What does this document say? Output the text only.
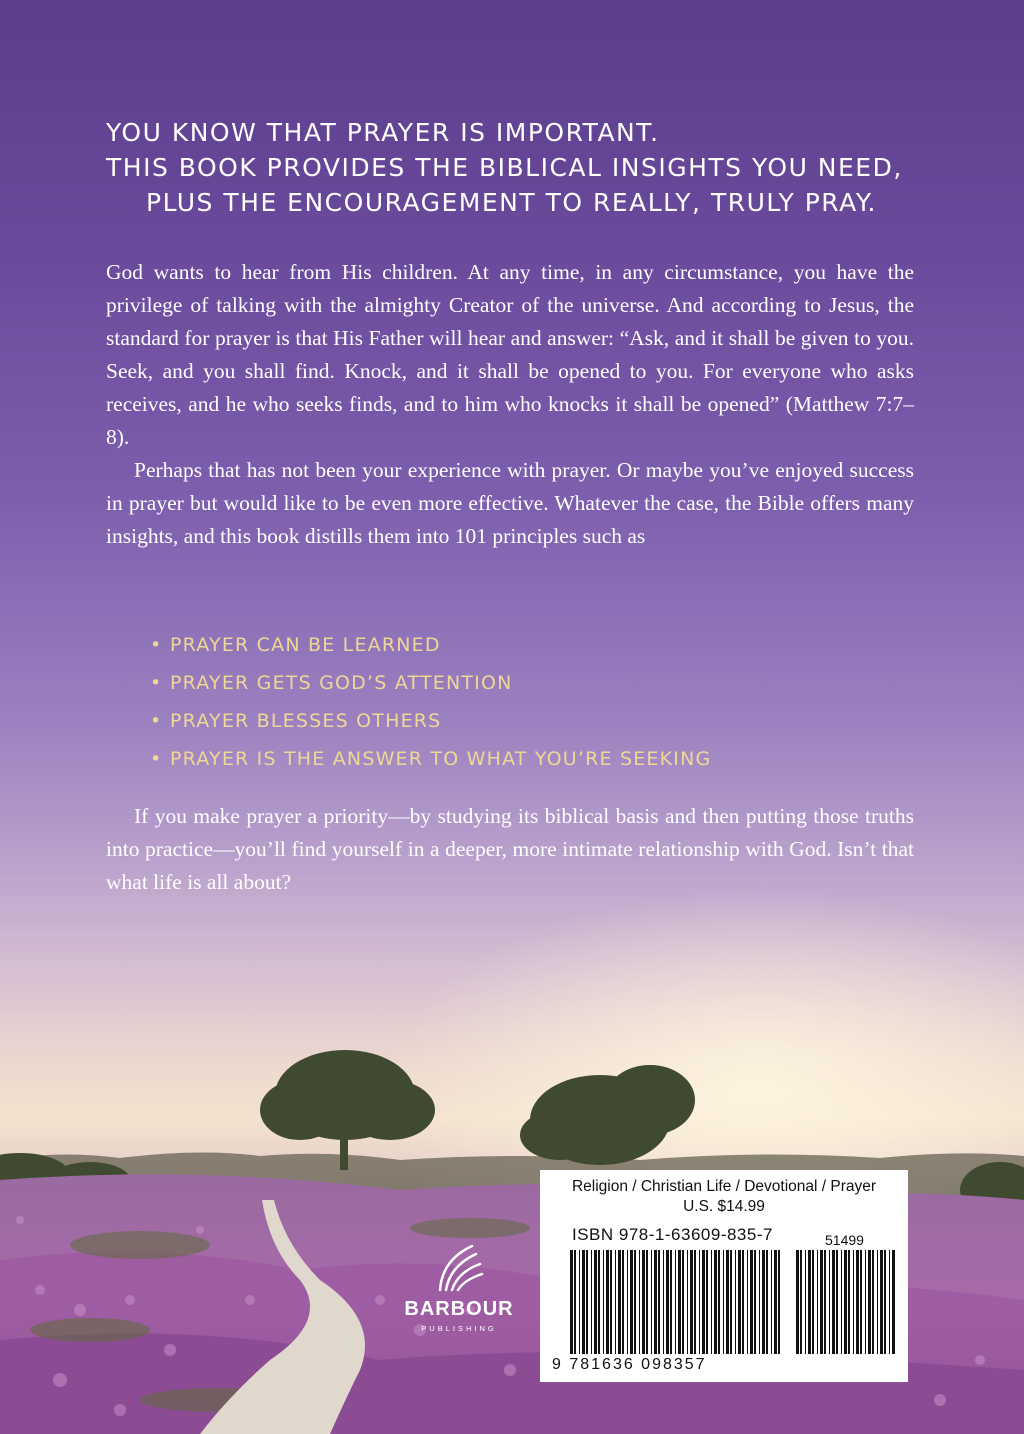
YOU KNOW THAT PRAYER IS IMPORTANT.
THIS BOOK PROVIDES THE BIBLICAL INSIGHTS YOU NEED,
PLUS THE ENCOURAGEMENT TO REALLY, TRULY PRAY.

God wants to hear from His children. At any time, in any circumstance, you have the privilege of talking with the almighty Creator of the universe. And according to Jesus, the standard for prayer is that His Father will hear and answer: “Ask, and it shall be given to you. Seek, and you shall find. Knock, and it shall be opened to you. For everyone who asks receives, and he who seeks finds, and to him who knocks it shall be opened” (Matthew 7:7–8).

Perhaps that has not been your experience with prayer. Or maybe you’ve enjoyed success in prayer but would like to be even more effective. Whatever the case, the Bible offers many insights, and this book distills them into 101 principles such as

• PRAYER CAN BE LEARNED
• PRAYER GETS GOD’S ATTENTION
• PRAYER BLESSES OTHERS
• PRAYER IS THE ANSWER TO WHAT YOU’RE SEEKING

If you make prayer a priority—by studying its biblical basis and then putting those truths into practice—you’ll find yourself in a deeper, more intimate relationship with God. Isn’t that what life is all about?

BARBOUR
PUBLISHING
Religion / Christian Life / Devotional / Prayer
U.S. $14.99
ISBN 978-1-63609-835-7	51499
9 781636 098357
